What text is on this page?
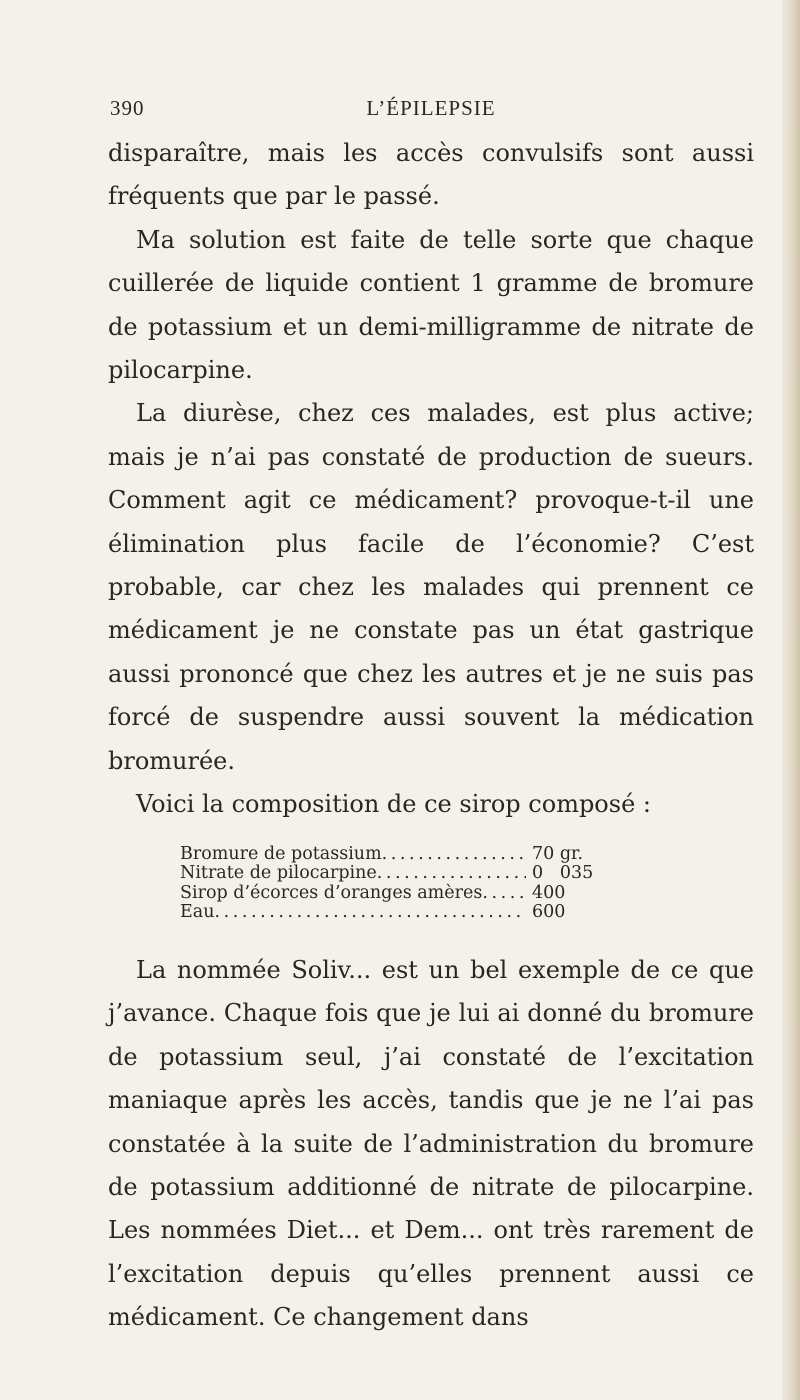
390	L’ÉPILEPSIE

disparaître, mais les accès convulsifs sont aussi fréquents que par le passé.

Ma solution est faite de telle sorte que chaque cuillerée de liquide contient 1 gramme de bromure de potassium et un demi-milligramme de nitrate de pilocarpine.

La diurèse, chez ces malades, est plus active; mais je n’ai pas constaté de production de sueurs. Comment agit ce médicament? provoque-t-il une élimination plus facile de l’économie? C’est probable, car chez les malades qui prennent ce médicament je ne constate pas un état gastrique aussi prononcé que chez les autres et je ne suis pas forcé de suspendre aussi souvent la médication bromurée.

Voici la composition de ce sirop composé :

Bromure de potassium . . .	70 gr.
Nitrate de pilocarpine . . .	0   035
Sirop d’écorces d’oranges amères . . .	400
Eau . . .	600

La nommée Soliv... est un bel exemple de ce que j’avance. Chaque fois que je lui ai donné du bromure de potassium seul, j’ai constaté de l’excitation maniaque après les accès, tandis que je ne l’ai pas constatée à la suite de l’administration du bromure de potassium additionné de nitrate de pilocarpine. Les nommées Diet... et Dem... ont très rarement de l’excitation depuis qu’elles prennent aussi ce médicament. Ce changement dans
